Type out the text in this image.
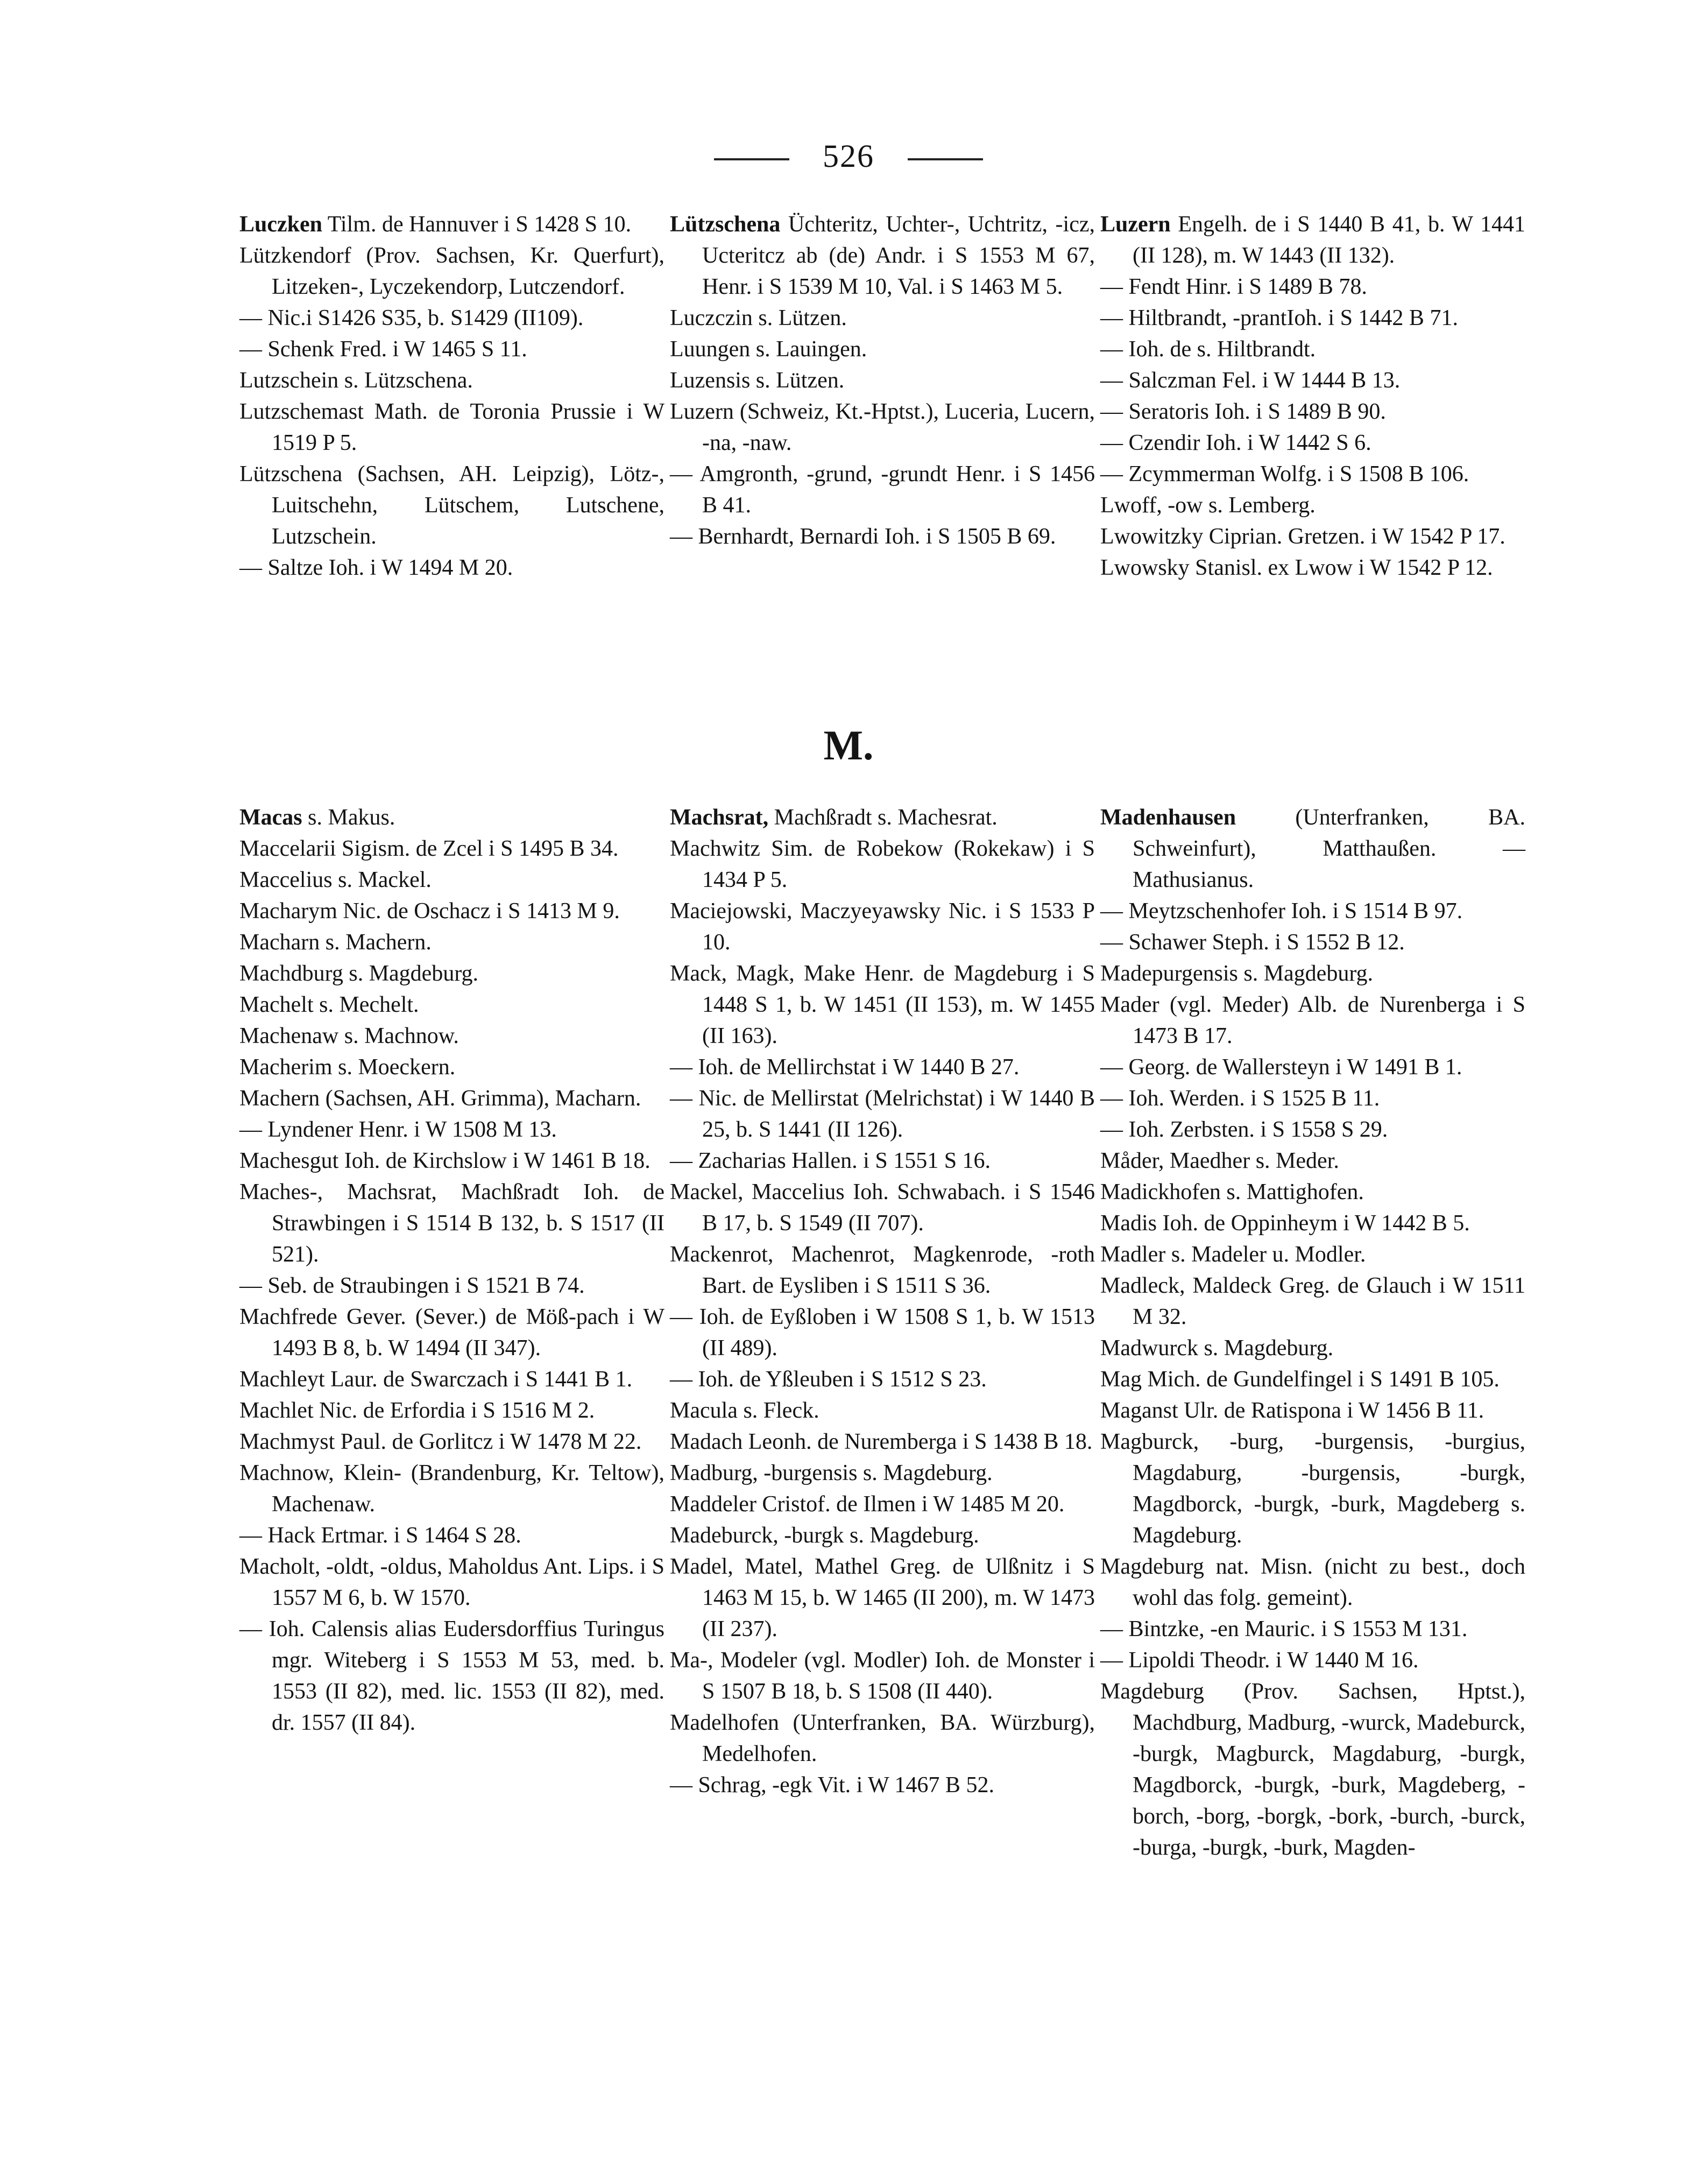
526
Luczken Tilm. de Hannuver i S 1428 S 10.
Lützkendorf (Prov. Sachsen, Kr. Querfurt), Litzeken-, Lyczekendorp, Lutczendorf.
— Nic.i S1426 S35, b. S1429 (II109).
— Schenk Fred. i W 1465 S 11.
Lutzschein s. Lützschena.
Lutzschemast Math. de Toronia Prussie i W 1519 P 5.
Lützschena (Sachsen, AH. Leipzig), Lötz-, Luitschehn, Lütschem, Lutschene, Lutzschein.
— Saltze Ioh. i W 1494 M 20.
Lützschena Üchteritz, Uchter-, Uchtritz, -icz, Ucteritcz ab (de) Andr. i S 1553 M 67, Henr. i S 1539 M 10, Val. i S 1463 M 5.
Luczczin s. Lützen.
Luungen s. Lauingen.
Luzensis s. Lützen.
Luzern (Schweiz, Kt.-Hptst.), Luceria, Lucern, -na, -naw.
— Amgronth, -grund, -grundt Henr. i S 1456 B 41.
— Bernhardt, Bernardi Ioh. i S 1505 B 69.
Luzern Engelh. de i S 1440 B 41, b. W 1441 (II 128), m. W 1443 (II 132).
— Fendt Hinr. i S 1489 B 78.
— Hiltbrandt, -prantIoh. i S 1442 B 71.
— Ioh. de s. Hiltbrandt.
— Salczman Fel. i W 1444 B 13.
— Seratoris Ioh. i S 1489 B 90.
— Czendir Ioh. i W 1442 S 6.
— Zcymmerman Wolfg. i S 1508 B 106.
Lwoff, -ow s. Lemberg.
Lwowitzky Ciprian. Gretzen. i W 1542 P 17.
Lwowsky Stanisl. ex Lwow i W 1542 P 12.
M.
Macas s. Makus.
Maccelarii Sigism. de Zcel i S 1495 B 34.
Maccelius s. Mackel.
Macharym Nic. de Oschacz i S 1413 M 9.
Macharn s. Machern.
Machdburg s. Magdeburg.
Machelt s. Mechelt.
Machenaw s. Machnow.
Macherim s. Moeckern.
Machern (Sachsen, AH. Grimma), Macharn.
— Lyndener Henr. i W 1508 M 13.
Machesgut Ioh. de Kirchslow i W 1461 B 18.
Maches-, Machsrat, Machßradt Ioh. de Strawbingen i S 1514 B 132, b. S 1517 (II 521).
— Seb. de Straubingen i S 1521 B 74.
Machfrede Gever. (Sever.) de Möß-pach i W 1493 B 8, b. W 1494 (II 347).
Machleyt Laur. de Swarczach i S 1441 B 1.
Machlet Nic. de Erfordia i S 1516 M 2.
Machmyst Paul. de Gorlitcz i W 1478 M 22.
Machnow, Klein- (Brandenburg, Kr. Teltow), Machenaw.
— Hack Ertmar. i S 1464 S 28.
Macholt, -oldt, -oldus, Maholdus Ant. Lips. i S 1557 M 6, b. W 1570.
— Ioh. Calensis alias Eudersdorffius Turingus mgr. Witeberg i S 1553 M 53, med. b. 1553 (II 82), med. lic. 1553 (II 82), med. dr. 1557 (II 84).
Machsrat, Machßradt s. Machesrat.
Machwitz Sim. de Robekow (Rokekaw) i S 1434 P 5.
Maciejowski, Maczyeyawsky Nic. i S 1533 P 10.
Mack, Magk, Make Henr. de Magdeburg i S 1448 S 1, b. W 1451 (II 153), m. W 1455 (II 163).
— Ioh. de Mellirchstat i W 1440 B 27.
— Nic. de Mellirstat (Melrichstat) i W 1440 B 25, b. S 1441 (II 126).
— Zacharias Hallen. i S 1551 S 16.
Mackel, Maccelius Ioh. Schwabach. i S 1546 B 17, b. S 1549 (II 707).
Mackenrot, Machenrot, Magkenrode, -roth Bart. de Eysliben i S 1511 S 36.
— Ioh. de Eyßloben i W 1508 S 1, b. W 1513 (II 489).
— Ioh. de Yßleuben i S 1512 S 23.
Macula s. Fleck.
Madach Leonh. de Nuremberga i S 1438 B 18.
Madburg, -burgensis s. Magdeburg.
Maddeler Cristof. de Ilmen i W 1485 M 20.
Madeburck, -burgk s. Magdeburg.
Madel, Matel, Mathel Greg. de Ulßnitz i S 1463 M 15, b. W 1465 (II 200), m. W 1473 (II 237).
Ma-, Modeler (vgl. Modler) Ioh. de Monster i S 1507 B 18, b. S 1508 (II 440).
Madelhofen (Unterfranken, BA. Würzburg), Medelhofen.
— Schrag, -egk Vit. i W 1467 B 52.
Madenhausen (Unterfranken, BA. Schweinfurt), Matthaußen. — Mathusianus.
— Meytzschenhofer Ioh. i S 1514 B 97.
— Schawer Steph. i S 1552 B 12.
Madepurgensis s. Magdeburg.
Mader (vgl. Meder) Alb. de Nurenberga i S 1473 B 17.
— Georg. de Wallersteyn i W 1491 B 1.
— Ioh. Werden. i S 1525 B 11.
— Ioh. Zerbsten. i S 1558 S 29.
Måder, Maedher s. Meder.
Madickhofen s. Mattighofen.
Madis Ioh. de Oppinheym i W 1442 B 5.
Madler s. Madeler u. Modler.
Madleck, Maldeck Greg. de Glauch i W 1511 M 32.
Madwurck s. Magdeburg.
Mag Mich. de Gundelfingel i S 1491 B 105.
Maganst Ulr. de Ratispona i W 1456 B 11.
Magburck, -burg, -burgensis, -burgius, Magdaburg, -burgensis, -burgk, Magdborck, -burgk, -burk, Magdeberg s. Magdeburg.
Magdeburg nat. Misn. (nicht zu best., doch wohl das folg. gemeint).
— Bintzke, -en Mauric. i S 1553 M 131.
— Lipoldi Theodr. i W 1440 M 16.
Magdeburg (Prov. Sachsen, Hptst.), Machdburg, Madburg, -wurck, Madeburck, -burgk, Magburck, Magdaburg, -burgk, Magdborck, -burgk, -burk, Magdeberg, -borch, -borg, -borgk, -bork, -burch, -burck, -burga, -burgk, -burk, Magden-
